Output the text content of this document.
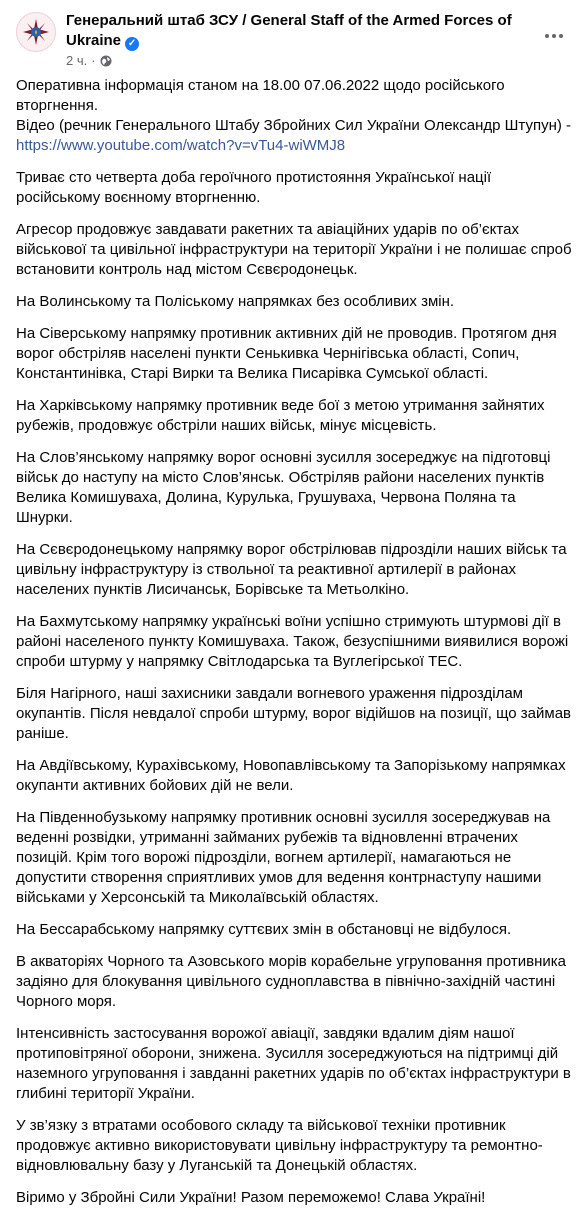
Генеральний штаб ЗСУ / General Staff of the Armed Forces of Ukraine ✓
2 ч. ·

Оперативна інформація станом на 18.00 07.06.2022 щодо російського вторгнення.
Відео (речник Генерального Штабу Збройних Сил України Олександр Штупун) -
https://www.youtube.com/watch?v=vTu4-wiWMJ8

Триває сто четверта доба героїчного протистояння Української нації російському воєнному вторгненню.

Агресор продовжує завдавати ракетних та авіаційних ударів по об’єктах військової та цивільної інфраструктури на території України і не полишає спроб встановити контроль над містом Сєвєродонецьк.

На Волинському та Поліському напрямках без особливих змін.

На Сіверському напрямку противник активних дій не проводив. Протягом дня ворог обстріляв населені пункти Сенькивка Чернігівська області, Сопич, Константинівка, Старі Вирки та Велика Писарівка Сумської області.

На Харківському напрямку противник веде бої з метою утримання зайнятих рубежів, продовжує обстріли наших військ, мінує місцевість.

На Слов’янському напрямку ворог основні зусилля зосереджує на підготовці військ до наступу на місто Слов’янськ. Обстріляв райони населених пунктів Велика Комишуваха, Долина, Курулька, Грушуваха, Червона Поляна та Шнурки.

На Сєвєродонецькому напрямку ворог обстрілював підрозділи наших військ та цивільну інфраструктуру із ствольної та реактивної артилерії в районах населених пунктів Лисичанськ, Борівське та Метьолкіно.

На Бахмутському напрямку українські воїни успішно стримують штурмові дії в районі населеного пункту Комишуваха. Також, безуспішними виявилися ворожі спроби штурму у напрямку Світлодарська та Вуглегірської ТЕС.

Біля Нагірного, наші захисники завдали вогневого ураження підрозділам окупантів. Після невдалої спроби штурму, ворог відійшов на позиції, що займав раніше.

На Авдіївському, Курахівському, Новопавлівському та Запорізькому напрямках окупанти активних бойових дій не вели.

На Південнобузькому напрямку противник основні зусилля зосереджував на веденні розвідки, утриманні займаних рубежів та відновленні втрачених позицій. Крім того ворожі підрозділи, вогнем артилерії, намагаються не допустити створення сприятливих умов для ведення контрнаступу нашими військами у Херсонській та Миколаївській областях.

На Бессарабському напрямку суттєвих змін в обстановці не відбулося.

В акваторіях Чорного та Азовського морів корабельне угруповання противника задіяно для блокування цивільного судноплавства в північно-західній частині Чорного моря.

Інтенсивність застосування ворожої авіації, завдяки вдалим діям нашої протиповітряної оборони, знижена. Зусилля зосереджуються на підтримці дій наземного угруповання і завданні ракетних ударів по об’єктах інфраструктури в глибині території України.

У зв’язку з втратами особового складу та військової техніки противник продовжує активно використовувати цивільну інфраструктуру та ремонтно-відновлювальну базу у Луганській та Донецькій областях.

Віримо у Збройні Сили України! Разом переможемо! Слава Україні!
